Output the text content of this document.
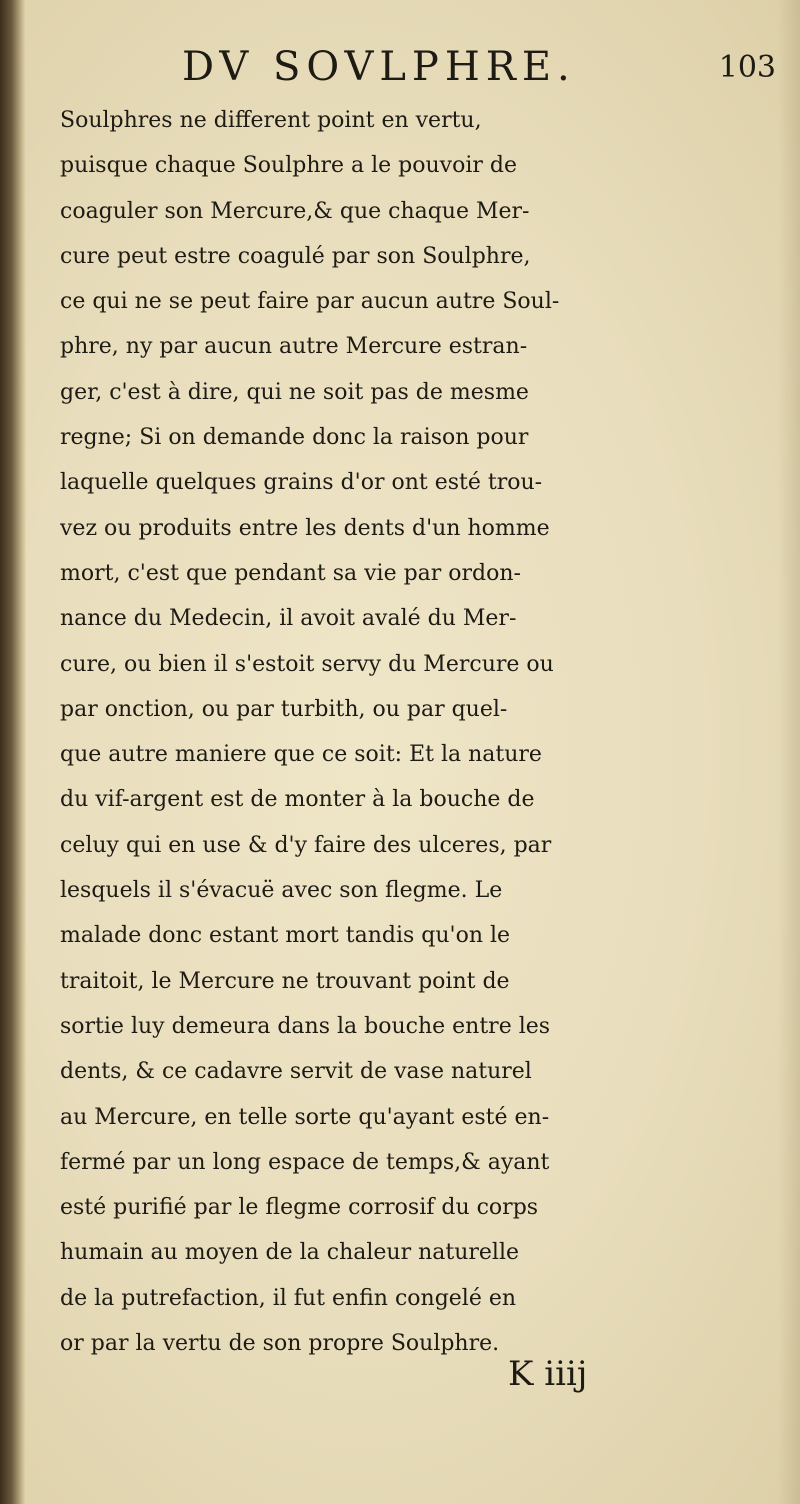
DV SOVLPHRE.	103
Soulphres ne different point en vertu,
puisque chaque Soulphre a le pouvoir de
coaguler son Mercure,& que chaque Mer-
cure peut estre coagulé par son Soulphre,
ce qui ne se peut faire par aucun autre Soul-
phre, ny par aucun autre Mercure estran-
ger, c'est à dire, qui ne soit pas de mesme
regne; Si on demande donc la raison pour
laquelle quelques grains d'or ont esté trou-
vez ou produits entre les dents d'un homme
mort, c'est que pendant sa vie par ordon-
nance du Medecin, il avoit avalé du Mer-
cure, ou bien il s'estoit servy du Mercure ou
par onction, ou par turbith, ou par quel-
que autre maniere que ce soit: Et la nature
du vif-argent est de monter à la bouche de
celuy qui en use & d'y faire des ulceres, par
lesquels il s'évacuë avec son flegme. Le
malade donc estant mort tandis qu'on le
traitoit, le Mercure ne trouvant point de
sortie luy demeura dans la bouche entre les
dents, & ce cadavre servit de vase naturel
au Mercure, en telle sorte qu'ayant esté en-
fermé par un long espace de temps,& ayant
esté purifié par le flegme corrosif du corps
humain au moyen de la chaleur naturelle
de la putrefaction, il fut enfin congelé en
or par la vertu de son propre Soulphre.
K iiij
